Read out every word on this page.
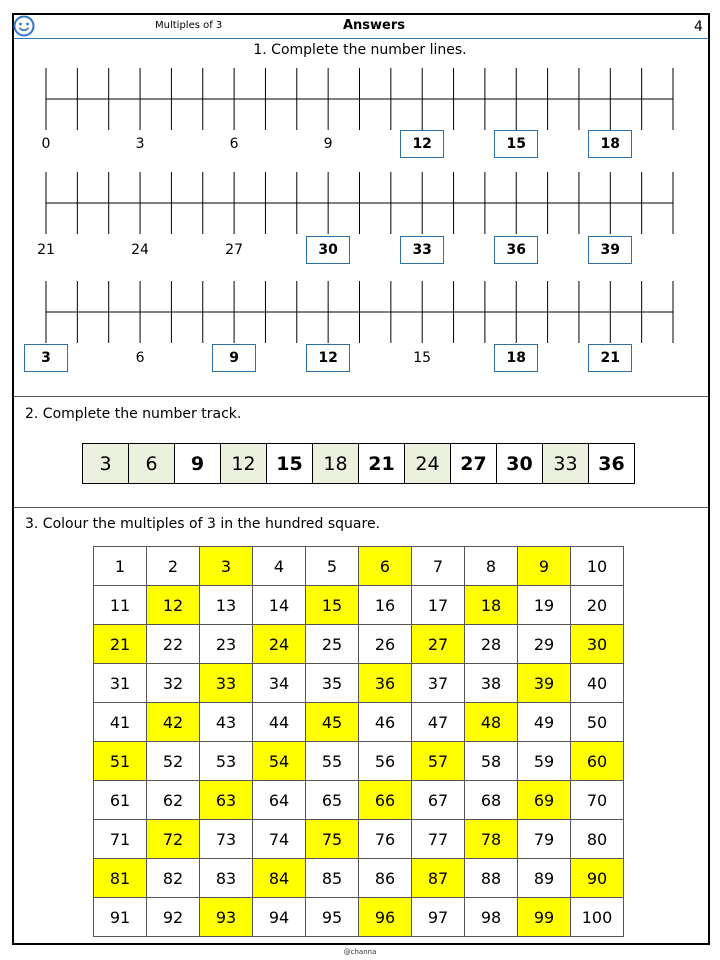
Multiples of 3	Answers	4
1. Complete the number lines.
0	3	6	9	12	15	18
21	24	27	30	33	36	39
3	6	9	12	15	18	21
2. Complete the number track.
3	6	9	12	15	18	21	24	27	30	33	36
3. Colour the multiples of 3 in the hundred square.
1	2	3	4	5	6	7	8	9	10
11	12	13	14	15	16	17	18	19	20
21	22	23	24	25	26	27	28	29	30
31	32	33	34	35	36	37	38	39	40
41	42	43	44	45	46	47	48	49	50
51	52	53	54	55	56	57	58	59	60
61	62	63	64	65	66	67	68	69	70
71	72	73	74	75	76	77	78	79	80
81	82	83	84	85	86	87	88	89	90
91	92	93	94	95	96	97	98	99	100
@channa
